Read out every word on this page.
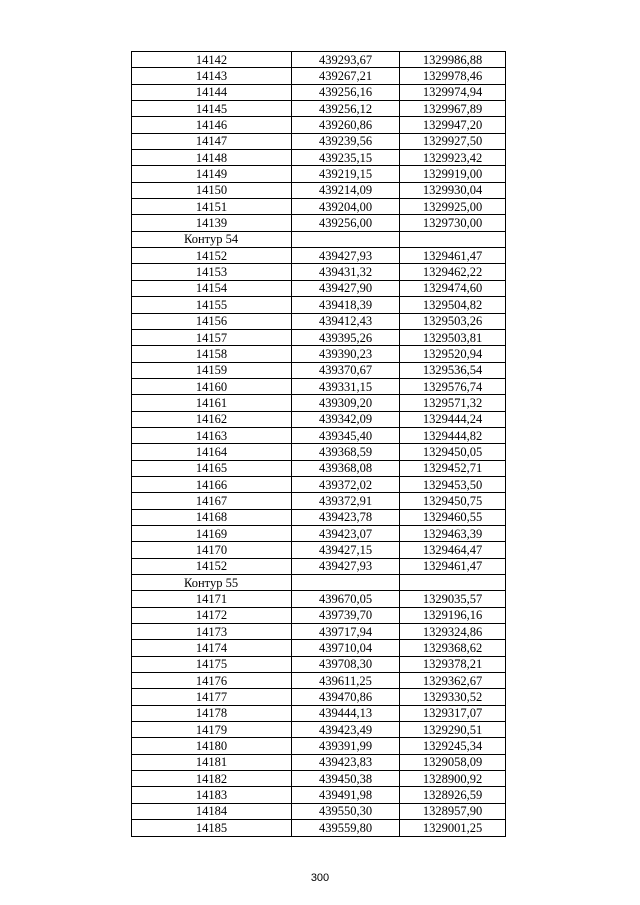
14142	439293,67	1329986,88
14143	439267,21	1329978,46
14144	439256,16	1329974,94
14145	439256,12	1329967,89
14146	439260,86	1329947,20
14147	439239,56	1329927,50
14148	439235,15	1329923,42
14149	439219,15	1329919,00
14150	439214,09	1329930,04
14151	439204,00	1329925,00
14139	439256,00	1329730,00
Контур 54		
14152	439427,93	1329461,47
14153	439431,32	1329462,22
14154	439427,90	1329474,60
14155	439418,39	1329504,82
14156	439412,43	1329503,26
14157	439395,26	1329503,81
14158	439390,23	1329520,94
14159	439370,67	1329536,54
14160	439331,15	1329576,74
14161	439309,20	1329571,32
14162	439342,09	1329444,24
14163	439345,40	1329444,82
14164	439368,59	1329450,05
14165	439368,08	1329452,71
14166	439372,02	1329453,50
14167	439372,91	1329450,75
14168	439423,78	1329460,55
14169	439423,07	1329463,39
14170	439427,15	1329464,47
14152	439427,93	1329461,47
Контур 55		
14171	439670,05	1329035,57
14172	439739,70	1329196,16
14173	439717,94	1329324,86
14174	439710,04	1329368,62
14175	439708,30	1329378,21
14176	439611,25	1329362,67
14177	439470,86	1329330,52
14178	439444,13	1329317,07
14179	439423,49	1329290,51
14180	439391,99	1329245,34
14181	439423,83	1329058,09
14182	439450,38	1328900,92
14183	439491,98	1328926,59
14184	439550,30	1328957,90
14185	439559,80	1329001,25
300
